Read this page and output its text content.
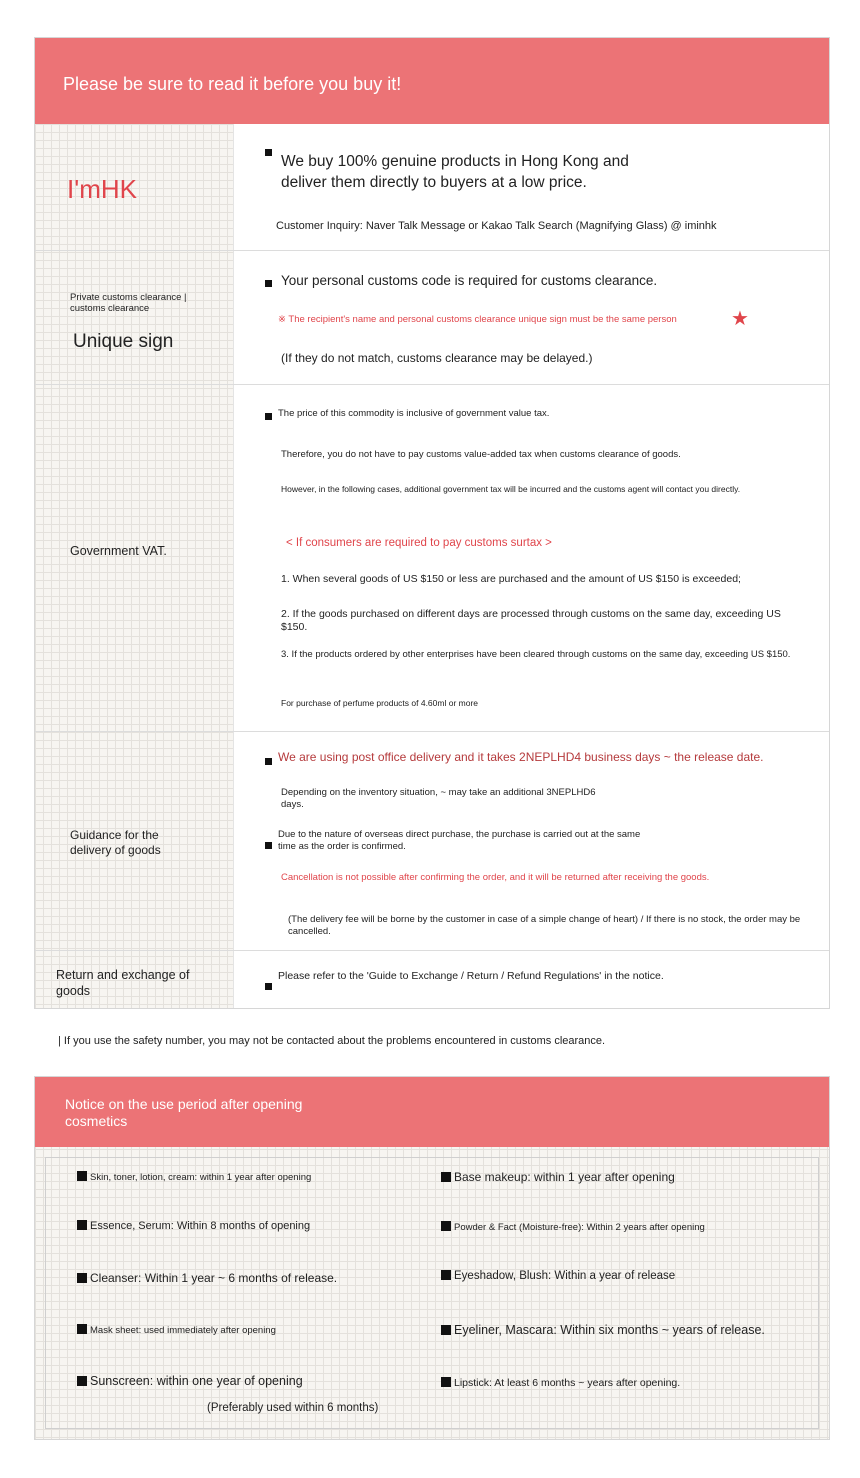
Please be sure to read it before you buy it!
I'mHK
We buy 100% genuine products in Hong Kong and deliver them directly to buyers at a low price.
Customer Inquiry: Naver Talk Message or Kakao Talk Search (Magnifying Glass) @ iminhk
Private customs clearance | customs clearance
Unique sign
Your personal customs code is required for customs clearance.
※ The recipient's name and personal customs clearance unique sign must be the same person	★
(If they do not match, customs clearance may be delayed.)
Government VAT.
The price of this commodity is inclusive of government value tax.
Therefore, you do not have to pay customs value-added tax when customs clearance of goods.
However, in the following cases, additional government tax will be incurred and the customs agent will contact you directly.
< If consumers are required to pay customs surtax >
1. When several goods of US $150 or less are purchased and the amount of US $150 is exceeded;
2. If the goods purchased on different days are processed through customs on the same day, exceeding US $150.
3. If the products ordered by other enterprises have been cleared through customs on the same day, exceeding US $150.
For purchase of perfume products of 4.60ml or more
Guidance for the delivery of goods
We are using post office delivery and it takes 2NEPLHD4 business days ~ the release date.
Depending on the inventory situation, ~ may take an additional 3NEPLHD6 days.
Due to the nature of overseas direct purchase, the purchase is carried out at the same time as the order is confirmed.
Cancellation is not possible after confirming the order, and it will be returned after receiving the goods.
(The delivery fee will be borne by the customer in case of a simple change of heart) / If there is no stock, the order may be cancelled.
Return and exchange of goods
Please refer to the 'Guide to Exchange / Return / Refund Regulations' in the notice.
| If you use the safety number, you may not be contacted about the problems encountered in customs clearance.
Notice on the use period after opening cosmetics
Skin, toner, lotion, cream: within 1 year after opening
Essence, Serum: Within 8 months of opening
Cleanser: Within 1 year ~ 6 months of release.
Mask sheet: used immediately after opening
Sunscreen: within one year of opening
(Preferably used within 6 months)
Base makeup: within 1 year after opening
Powder & Fact (Moisture-free): Within 2 years after opening
Eyeshadow, Blush: Within a year of release
Eyeliner, Mascara: Within six months ~ years of release.
Lipstick: At least 6 months ~ years after opening.
